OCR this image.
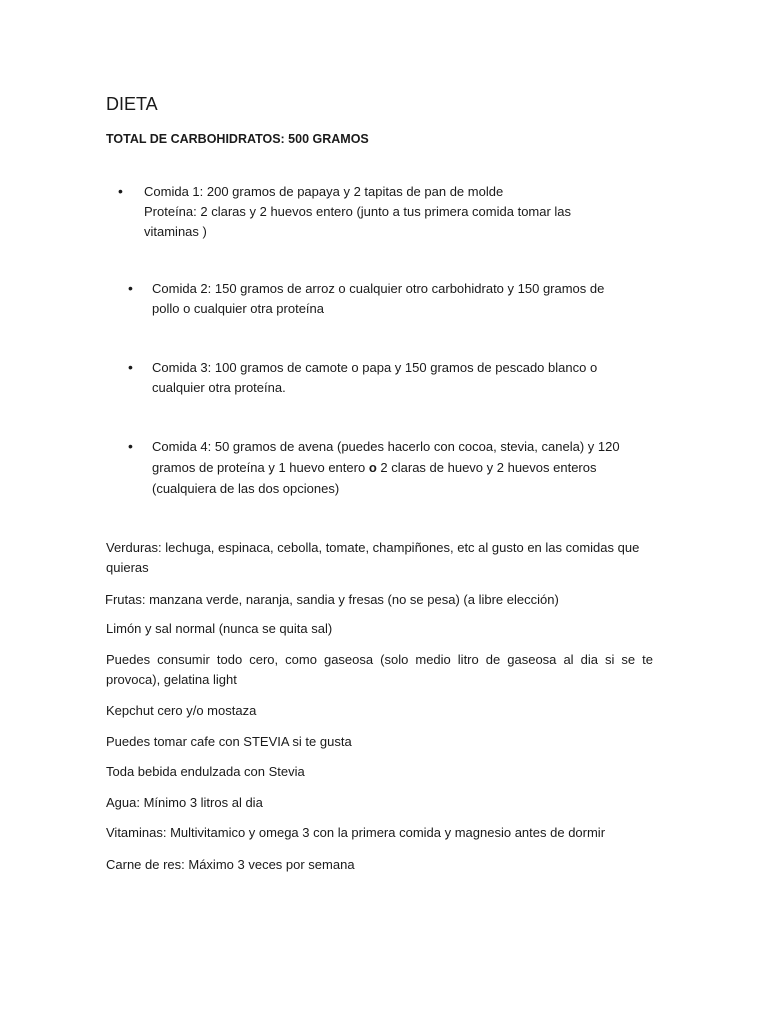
DIETA
TOTAL DE CARBOHIDRATOS: 500 GRAMOS
• Comida 1: 200 gramos de papaya y 2 tapitas de pan de molde
Proteína: 2 claras y 2 huevos entero (junto a tus primera comida tomar las
vitaminas )
• Comida 2: 150 gramos de arroz o cualquier otro carbohidrato y 150 gramos de
pollo o cualquier otra proteína
• Comida 3: 100 gramos de camote o papa y 150 gramos de pescado blanco o
cualquier otra proteína.
• Comida 4: 50 gramos de avena (puedes hacerlo con cocoa, stevia, canela) y 120
gramos de proteína y 1 huevo entero o 2 claras de huevo y 2 huevos enteros
(cualquiera de las dos opciones)
Verduras: lechuga, espinaca, cebolla, tomate, champiñones, etc al gusto en las comidas que
quieras
Frutas: manzana verde, naranja, sandia y fresas (no se pesa) (a libre elección)
Limón y sal normal (nunca se quita sal)
Puedes consumir todo cero, como gaseosa (solo medio litro de gaseosa al dia si se te
provoca), gelatina light
Kepchut cero y/o mostaza
Puedes tomar cafe con STEVIA si te gusta
Toda bebida endulzada con Stevia
Agua: Mínimo 3 litros al dia
Vitaminas: Multivitamico y omega 3 con la primera comida y magnesio antes de dormir
Carne de res: Máximo 3 veces por semana
